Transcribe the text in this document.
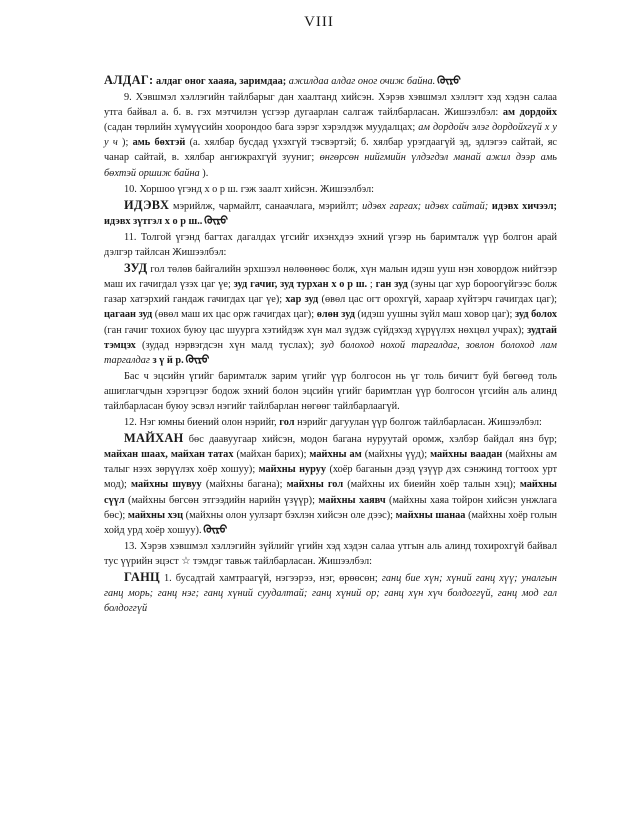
VIII

АЛДАГ: алдаг оног хааяа, заримдаа; ажилдаа алдаг оног очиж байна. ᠬᠦᠷᠦ

9. Хэвшмэл хэллэгийн тайлбарыг дан хаалтанд хийсэн. Хэрэв хэвшмэл хэллэгт хэд хэдэн салаа утга байвал а. б. в. гэх мэтчилэн үсгээр дугаарлан салгаж тайлбарласан. Жишээлбэл: ам дордойх (садан төрлийн хүмүүсийн хоорондоо бага зэрэг хэрэлдэж муудалцах; ам дордойч элэг дордойхгүй х у у ч ); амь бөхтэй (а. хялбар бусдад үхэхгүй тэсвэртэй; б. хялбар урэгдаагүй эд, эдлэгээ сайтай, яс чанар сайтай, в. хялбар ангижрахгүй зууниг; өнгөрсөн нийгмийн үлдэгдэл манай ажил дээр амь бөхтэй оршиж байна ).

10. Хоршоо үгэнд х о р ш. гэж заалт хийсэн. Жишээлбэл:

ИДЭВХ мэрийлж, чармайлт, санаачлага, мэрийлт; идэвх гаргах; идэвх сайтай; идэвх хичээл; идэвх зүтгэл х о р ш.. ᠬᠦᠷᠦ

11. Толгой үгэнд багтах дагалдах үгсийг ихэнхдээ эхний үгээр нь баримталж үүр болгон арай дэлгэр тайлсан Жишээлбэл:

ЗУД гол төлөв байгалийн эрхшээл нөлөөнөөс болж, хүн малын идэш ууш нэн ховордож нийтээр маш их гачигдал үзэх цаг үе; зуд гачиг, зуд турхан х о р ш. ; ган зуд (зуны цаг хур бороогүйгээс болж газар хатэрхий гандаж гачигдах цаг үе); хар зуд (өвөл цас огт орохгүй, хараар хүйтэрч гачигдах цаг); цагаан зуд (өвөл маш их цас орж гачигдах цаг); өлөн зуд (идэш уушны зүйл маш ховор цаг); зуд болох (ган гачиг тохиох буюу цас шуурга хэтийдэж хүн мал зүдэж сүйдэхэд хүрүүлэх нөхцөл учрах); зудтай тэмцэх (зудад нэрвэгдсэн хүн малд туслах); зуд болоход нохой таргалдаг, зовлон болоход лам таргалдаг з ү й р. ᠬᠦᠷᠦ

Бас ч эцсийн үгийг баримталж зарим үгийг үүр болгосон нь үг толь бичигт буй бөгөөд толь ашиглагчдын хэрэгцээг бодож эхний болон эцсийн үгийг баримтлан үүр болгосон үгсийн аль алинд тайлбарласан буюу эсвэл нэгийг тайлбарлан нөгөөг тайлбарлаагүй.

12. Нэг юмны биений олон нэрийг, гол нэрийг дагуулан үүр болгож тайлбарласан. Жишээлбэл:

МАЙХАН бөс даавуугаар хийсэн, модон багана нуруутай оромж, хэлбэр байдал янз бүр; майхан шаах, майхан татах (майхан барих); майхны ам (майхны үүд); майхны ваадан (майхны ам талыг нээх зөрүүлэх хоёр хошуу); майхны нуруу (хоёр баганын дээд үзүүр дэх сэнжинд тогтоох урт мод); майхны шувуу (майхны багана); майхны гол (майхны их биеийн хоёр талын хэц); майхны сүүл (майхны бөгсөн этгээдийн нарийн үзүүр); майхны хаявч (майхны хаяа тойрон хийсэн унжлага бөс); майхны хэц (майхны олон уулзарт бэхлэн хийсэн оле дээс); майхны шанаа (майхны хоёр голын хойд урд хоёр хошуу). ᠬᠦᠷᠦ

13. Хэрэв хэвшмэл хэллэгийн зүйлийг үгийн хэд хэдэн салаа утгын аль алинд тохирохгүй байвал тус үүрийн эцэст ☆ тэмдэг тавьж тайлбарласан. Жишээлбэл:

ГАНЦ 1. бусадтай хамтраагүй, нэгээрээ, нэг, өрөөсөн; ганц бие хүн; хүний ганц хүү; уналгын ганц морь; ганц нэг; ганц хүний суудалтай; ганц хүний ор; ганц хүн хүч болдоггүй, ганц мод гал болдоггүй
